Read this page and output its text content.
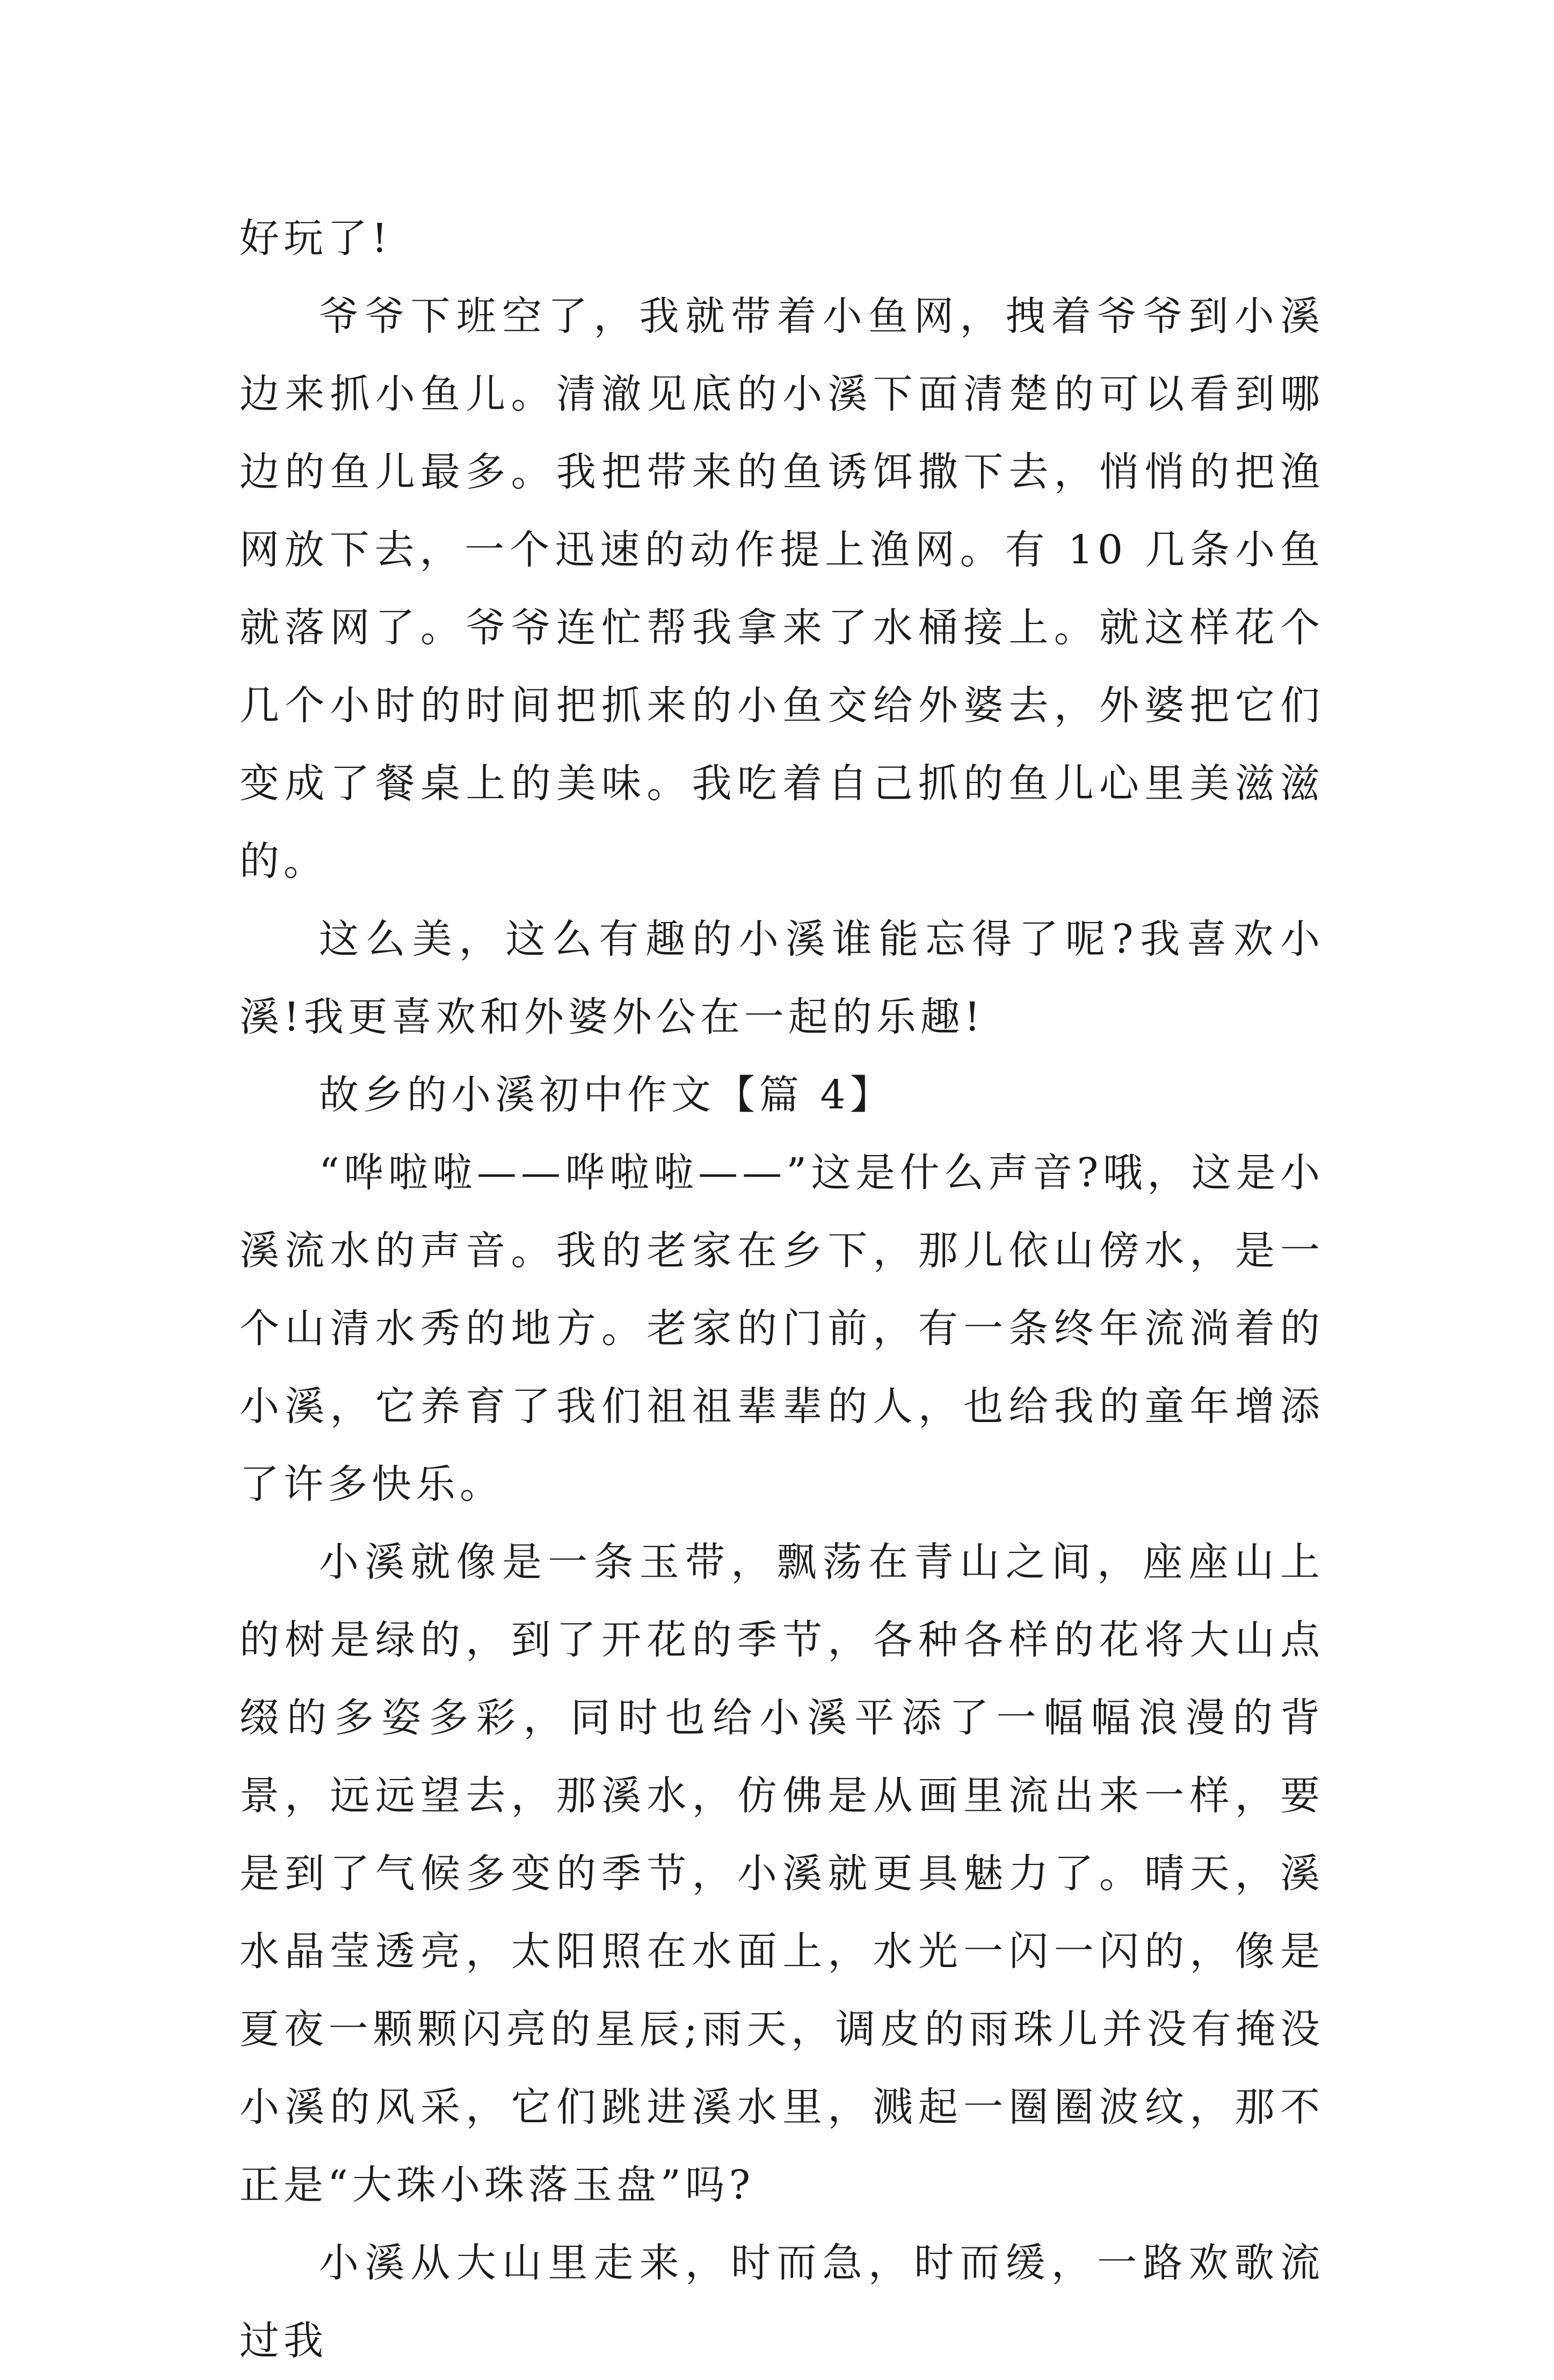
好玩了!

爷爷下班空了，我就带着小鱼网，拽着爷爷到小溪边来抓小鱼儿。清澈见底的小溪下面清楚的可以看到哪边的鱼儿最多。我把带来的鱼诱饵撒下去，悄悄的把渔网放下去，一个迅速的动作提上渔网。有 10 几条小鱼就落网了。爷爷连忙帮我拿来了水桶接上。就这样花个几个小时的时间把抓来的小鱼交给外婆去，外婆把它们变成了餐桌上的美味。我吃着自己抓的鱼儿心里美滋滋的。

这么美，这么有趣的小溪谁能忘得了呢?我喜欢小溪!我更喜欢和外婆外公在一起的乐趣!

故乡的小溪初中作文【篇 4】

“哗啦啦——哗啦啦——”这是什么声音?哦，这是小溪流水的声音。我的老家在乡下，那儿依山傍水，是一个山清水秀的地方。老家的门前，有一条终年流淌着的小溪，它养育了我们祖祖辈辈的人，也给我的童年增添了许多快乐。

小溪就像是一条玉带，飘荡在青山之间，座座山上的树是绿的，到了开花的季节，各种各样的花将大山点缀的多姿多彩，同时也给小溪平添了一幅幅浪漫的背景，远远望去，那溪水，仿佛是从画里流出来一样，要是到了气候多变的季节，小溪就更具魅力了。晴天，溪水晶莹透亮，太阳照在水面上，水光一闪一闪的，像是夏夜一颗颗闪亮的星辰;雨天，调皮的雨珠儿并没有掩没小溪的风采，它们跳进溪水里，溅起一圈圈波纹，那不正是“大珠小珠落玉盘”吗?

小溪从大山里走来，时而急，时而缓，一路欢歌流过我
